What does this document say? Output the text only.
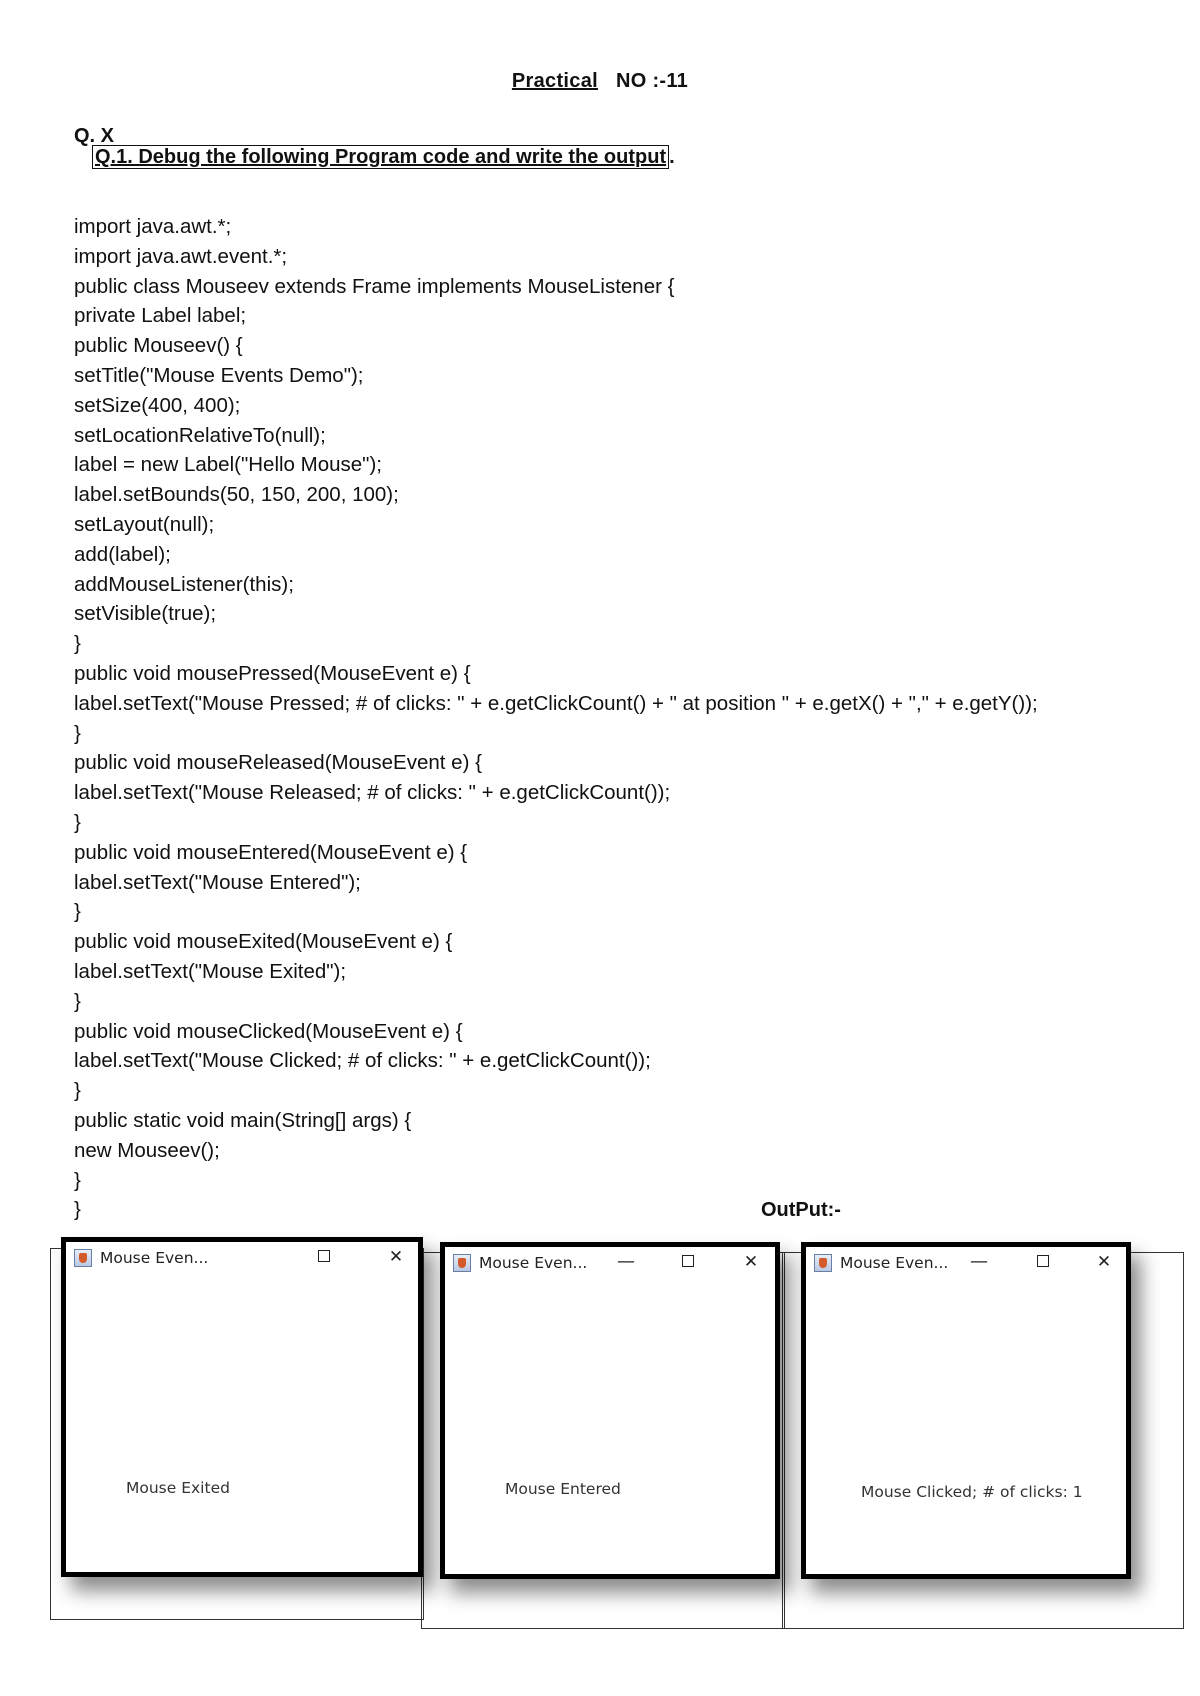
Practical NO :-11
Q. X
Q.1. Debug the following Program code and write the output .
import java.awt.*;
import java.awt.event.*;
public class Mouseev extends Frame implements MouseListener {
private Label label;
public Mouseev() {
setTitle("Mouse Events Demo");
setSize(400, 400);
setLocationRelativeTo(null);
label = new Label("Hello Mouse");
label.setBounds(50, 150, 200, 100);
setLayout(null);
add(label);
addMouseListener(this);
setVisible(true);
}
public void mousePressed(MouseEvent e) {
label.setText("Mouse Pressed; # of clicks: " + e.getClickCount() + " at position " + e.getX() + "," + e.getY());
}
public void mouseReleased(MouseEvent e) {
label.setText("Mouse Released; # of clicks: " + e.getClickCount());
}
public void mouseEntered(MouseEvent e) {
label.setText("Mouse Entered");
}
public void mouseExited(MouseEvent e) {
label.setText("Mouse Exited");
}
public void mouseClicked(MouseEvent e) {
label.setText("Mouse Clicked; # of clicks: " + e.getClickCount());
}
public static void main(String[] args) {
new Mouseev();
}
}	OutPut:-
Mouse Even...	✕
Mouse Exited
Mouse Even...	—	✕
Mouse Entered
Mouse Even... —	✕
Mouse Clicked; # of clicks: 1
